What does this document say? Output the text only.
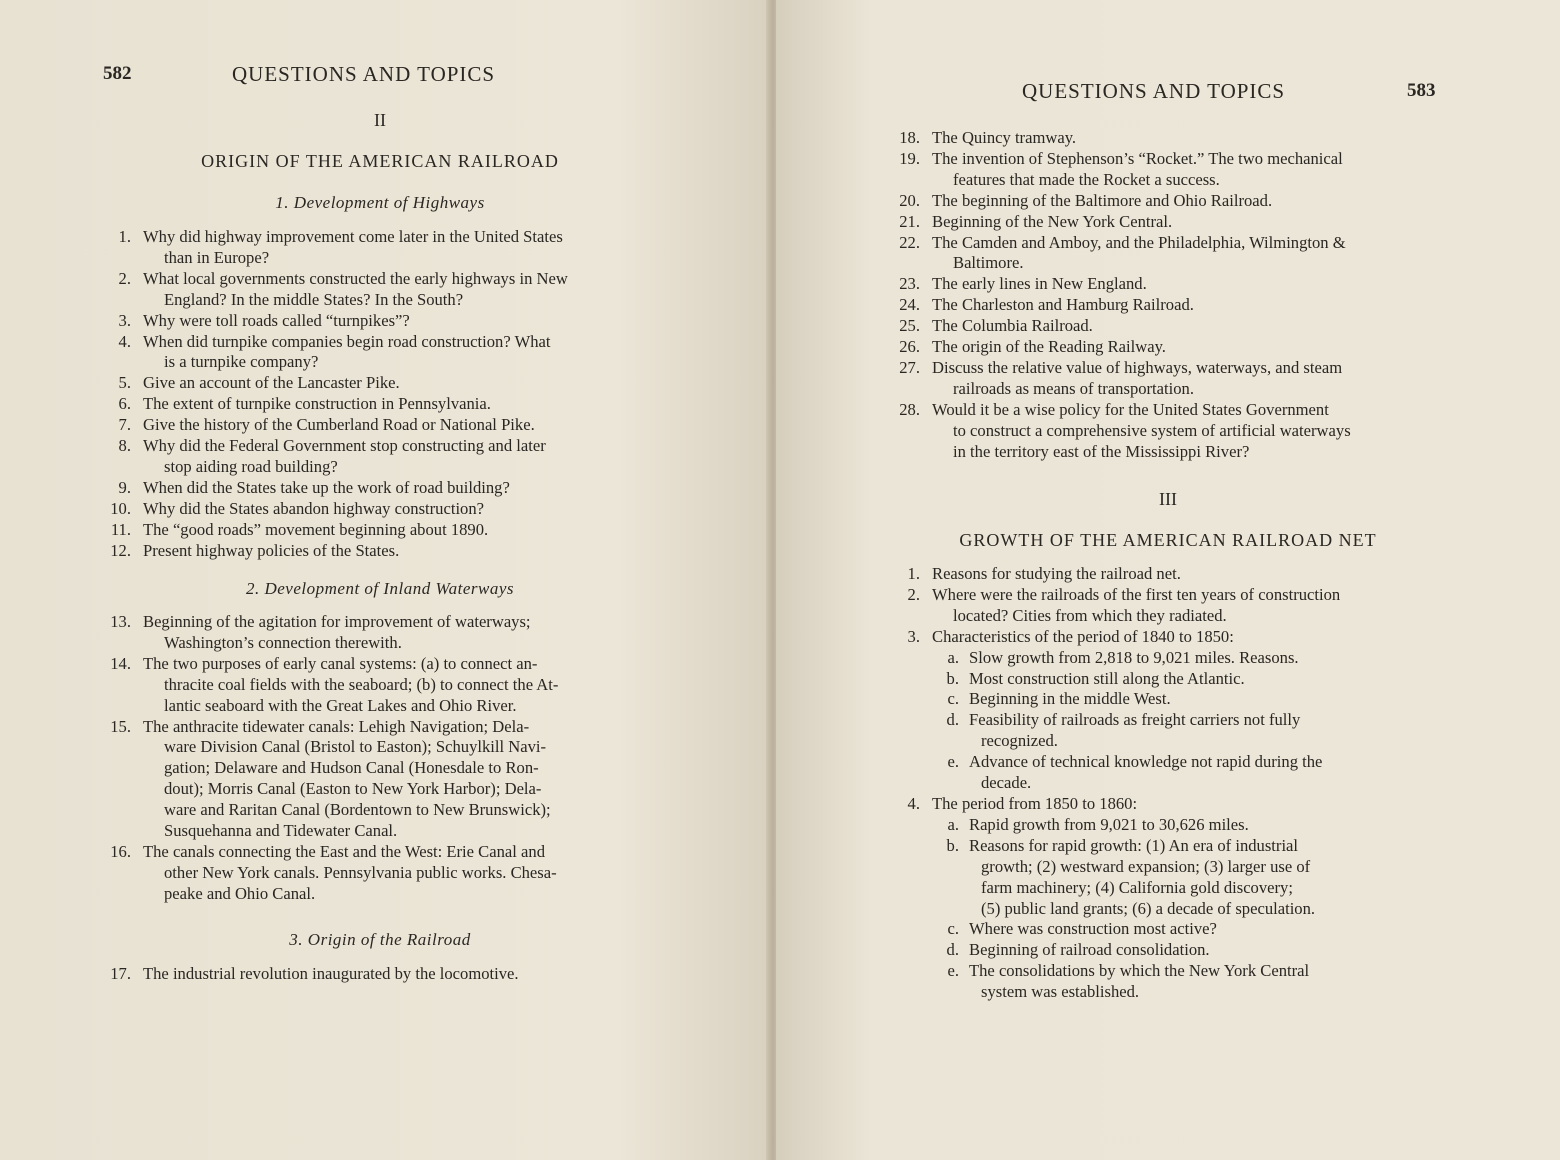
582	QUESTIONS AND TOPICS
II
ORIGIN OF THE AMERICAN RAILROAD
1. Development of Highways
1. Why did highway improvement come later in the United States
than in Europe?
2. What local governments constructed the early highways in New
England? In the middle States? In the South?
3. Why were toll roads called “turnpikes”?
4. When did turnpike companies begin road construction? What
is a turnpike company?
5. Give an account of the Lancaster Pike.
6. The extent of turnpike construction in Pennsylvania.
7. Give the history of the Cumberland Road or National Pike.
8. Why did the Federal Government stop constructing and later
stop aiding road building?
9. When did the States take up the work of road building?
10. Why did the States abandon highway construction?
11. The “good roads” movement beginning about 1890.
12. Present highway policies of the States.
2. Development of Inland Waterways
13. Beginning of the agitation for improvement of waterways;
Washington’s connection therewith.
14. The two purposes of early canal systems: (a) to connect an-
thracite coal fields with the seaboard; (b) to connect the At-
lantic seaboard with the Great Lakes and Ohio River.
15. The anthracite tidewater canals: Lehigh Navigation; Dela-
ware Division Canal (Bristol to Easton); Schuylkill Navi-
gation; Delaware and Hudson Canal (Honesdale to Ron-
dout); Morris Canal (Easton to New York Harbor); Dela-
ware and Raritan Canal (Bordentown to New Brunswick);
Susquehanna and Tidewater Canal.
16. The canals connecting the East and the West: Erie Canal and
other New York canals. Pennsylvania public works. Chesa-
peake and Ohio Canal.
3. Origin of the Railroad
17. The industrial revolution inaugurated by the locomotive.
QUESTIONS AND TOPICS	583
18. The Quincy tramway.
19. The invention of Stephenson’s “Rocket.” The two mechanical
features that made the Rocket a success.
20. The beginning of the Baltimore and Ohio Railroad.
21. Beginning of the New York Central.
22. The Camden and Amboy, and the Philadelphia, Wilmington &
Baltimore.
23. The early lines in New England.
24. The Charleston and Hamburg Railroad.
25. The Columbia Railroad.
26. The origin of the Reading Railway.
27. Discuss the relative value of highways, waterways, and steam
railroads as means of transportation.
28. Would it be a wise policy for the United States Government
to construct a comprehensive system of artificial waterways
in the territory east of the Mississippi River?
III
GROWTH OF THE AMERICAN RAILROAD NET
1. Reasons for studying the railroad net.
2. Where were the railroads of the first ten years of construction
located? Cities from which they radiated.
3. Characteristics of the period of 1840 to 1850:
a. Slow growth from 2,818 to 9,021 miles. Reasons.
b. Most construction still along the Atlantic.
c. Beginning in the middle West.
d. Feasibility of railroads as freight carriers not fully
recognized.
e. Advance of technical knowledge not rapid during the
decade.
4. The period from 1850 to 1860:
a. Rapid growth from 9,021 to 30,626 miles.
b. Reasons for rapid growth: (1) An era of industrial
growth; (2) westward expansion; (3) larger use of
farm machinery; (4) California gold discovery;
(5) public land grants; (6) a decade of speculation.
c. Where was construction most active?
d. Beginning of railroad consolidation.
e. The consolidations by which the New York Central
system was established.
